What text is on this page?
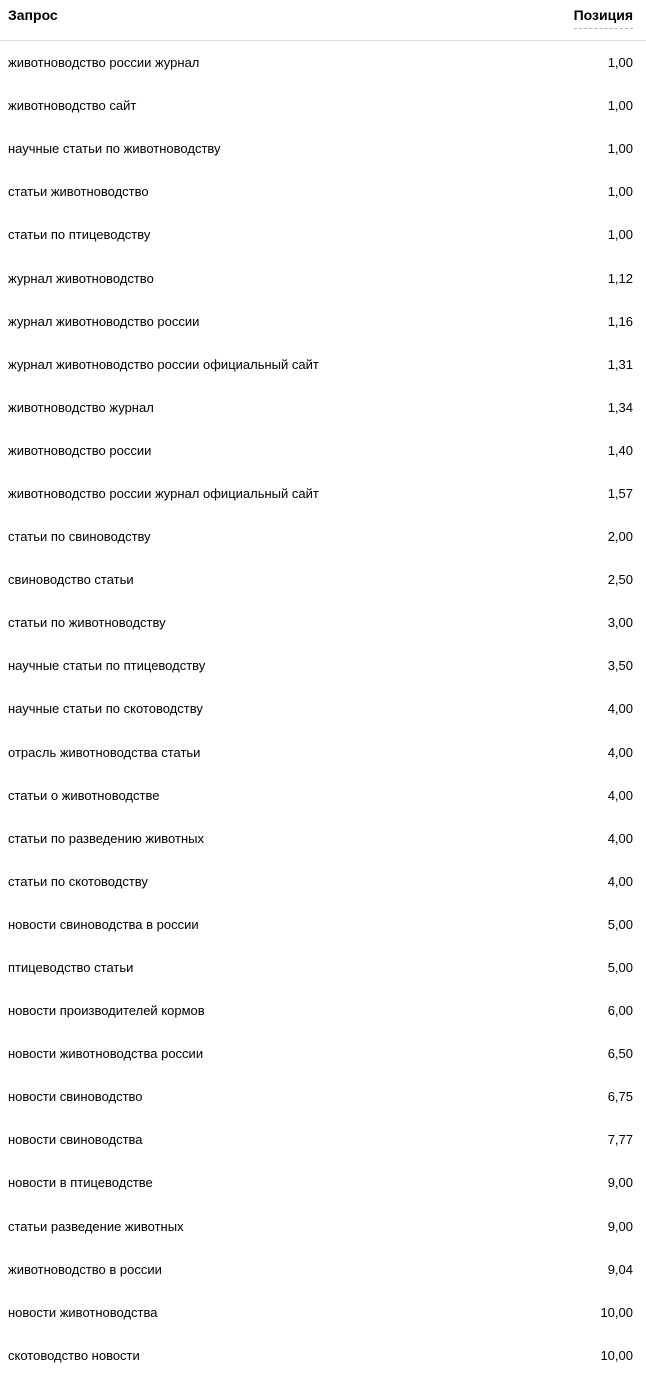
Запрос	Позиция
животноводство россии журнал	1,00
животноводство сайт	1,00
научные статьи по животноводству	1,00
статьи животноводство	1,00
статьи по птицеводству	1,00
журнал животноводство	1,12
журнал животноводство россии	1,16
журнал животноводство россии официальный сайт	1,31
животноводство журнал	1,34
животноводство россии	1,40
животноводство россии журнал официальный сайт	1,57
статьи по свиноводству	2,00
свиноводство статьи	2,50
статьи по животноводству	3,00
научные статьи по птицеводству	3,50
научные статьи по скотоводству	4,00
отрасль животноводства статьи	4,00
статьи о животноводстве	4,00
статьи по разведению животных	4,00
статьи по скотоводству	4,00
новости свиноводства в россии	5,00
птицеводство статьи	5,00
новости производителей кормов	6,00
новости животноводства россии	6,50
новости свиноводство	6,75
новости свиноводства	7,77
новости в птицеводстве	9,00
статьи разведение животных	9,00
животноводство в россии	9,04
новости животноводства	10,00
скотоводство новости	10,00
